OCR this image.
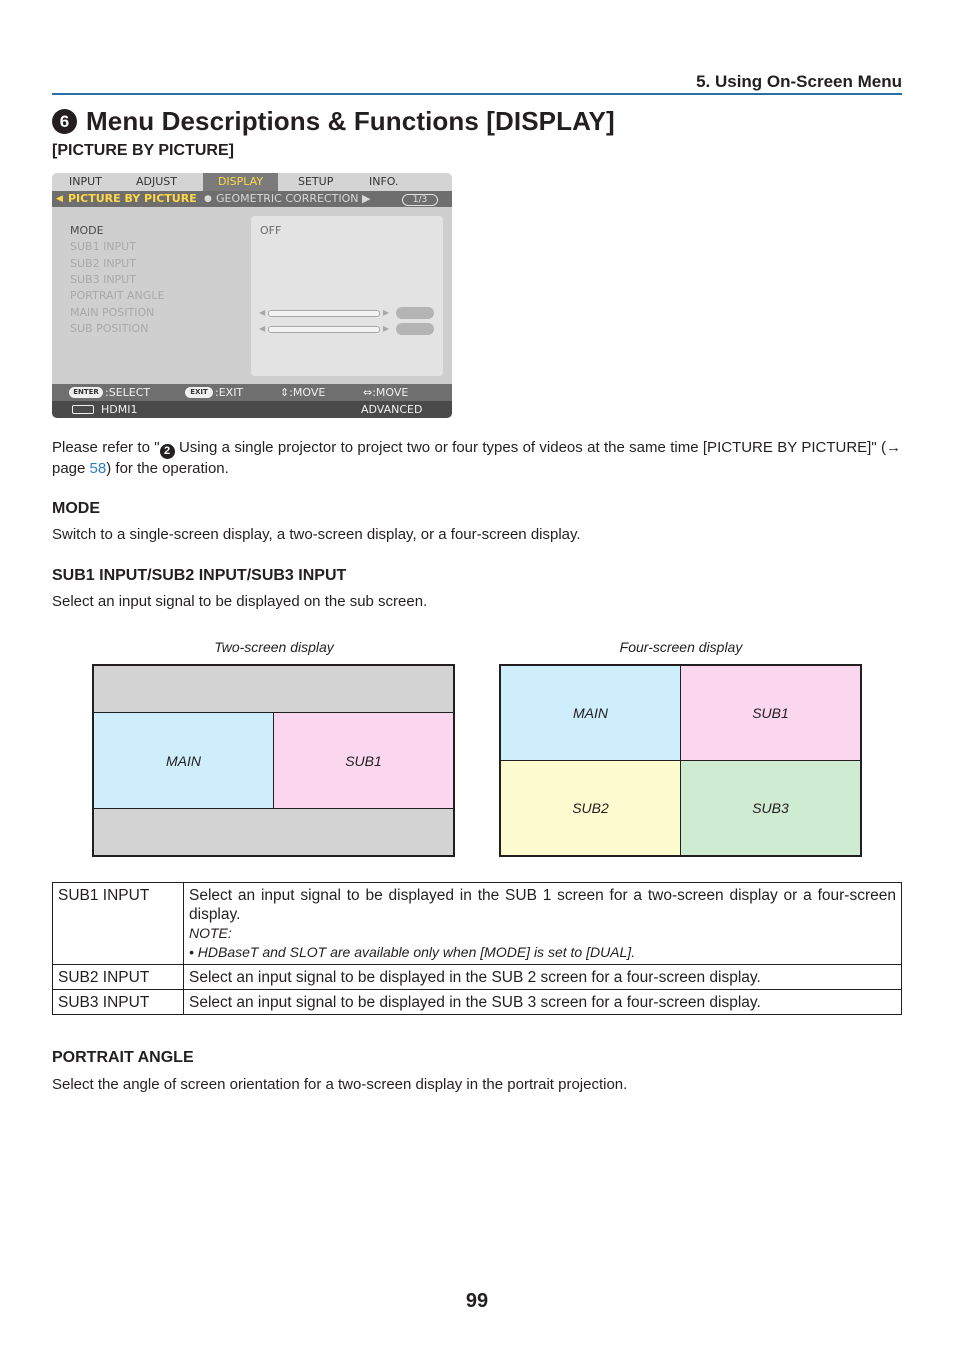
5. Using On-Screen Menu
6 Menu Descriptions & Functions [DISPLAY]
[PICTURE BY PICTURE]
INPUT	ADJUST	DISPLAY	SETUP	INFO.
◀ PICTURE BY PICTURE ● GEOMETRIC CORRECTION ▶	1/3
MODE
SUB1 INPUT
SUB2 INPUT
SUB3 INPUT
PORTRAIT ANGLE
MAIN POSITION
SUB POSITION
OFF
◀	▶
◀	▶
ENTER :SELECT	EXIT :EXIT	⇕:MOVE	⇔:MOVE
HDMI1	ADVANCED
Please refer to " 2 Using a single projector to project two or four types of videos at the same time [PICTURE BY PICTURE]" (→ page 58) for the operation.
MODE
Switch to a single-screen display, a two-screen display, or a four-screen display.
SUB1 INPUT/SUB2 INPUT/SUB3 INPUT
Select an input signal to be displayed on the sub screen.
Two-screen display	Four-screen display
MAIN	SUB1
MAIN	SUB1
SUB2	SUB3
SUB1 INPUT	Select an input signal to be displayed in the SUB 1 screen for a two-screen display or a four-screen display.
NOTE:
• HDBaseT and SLOT are available only when [MODE] is set to [DUAL].

SUB2 INPUT	Select an input signal to be displayed in the SUB 2 screen for a four-screen display.
SUB3 INPUT	Select an input signal to be displayed in the SUB 3 screen for a four-screen display.
PORTRAIT ANGLE
Select the angle of screen orientation for a two-screen display in the portrait projection.
99
